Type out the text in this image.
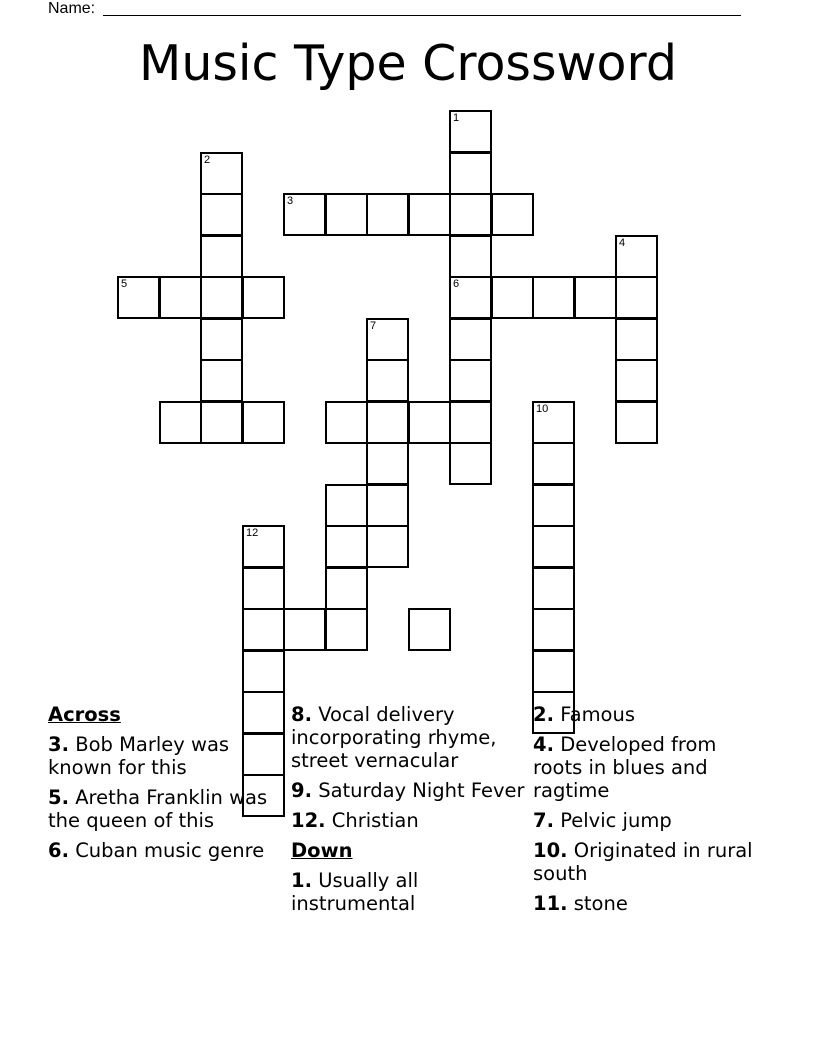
Name:
Music Type Crossword
1
6
2
3
4
5
7
10
12
Across
3. Bob Marley was known for this
5. Aretha Franklin was the queen of this
6. Cuban music genre
8. Vocal delivery incorporating rhyme, street vernacular
9. Saturday Night Fever
12. Christian
Down
1. Usually all instrumental
2. Famous
4. Developed from roots in blues and ragtime
7. Pelvic jump
10. Originated in rural south
11. stone
